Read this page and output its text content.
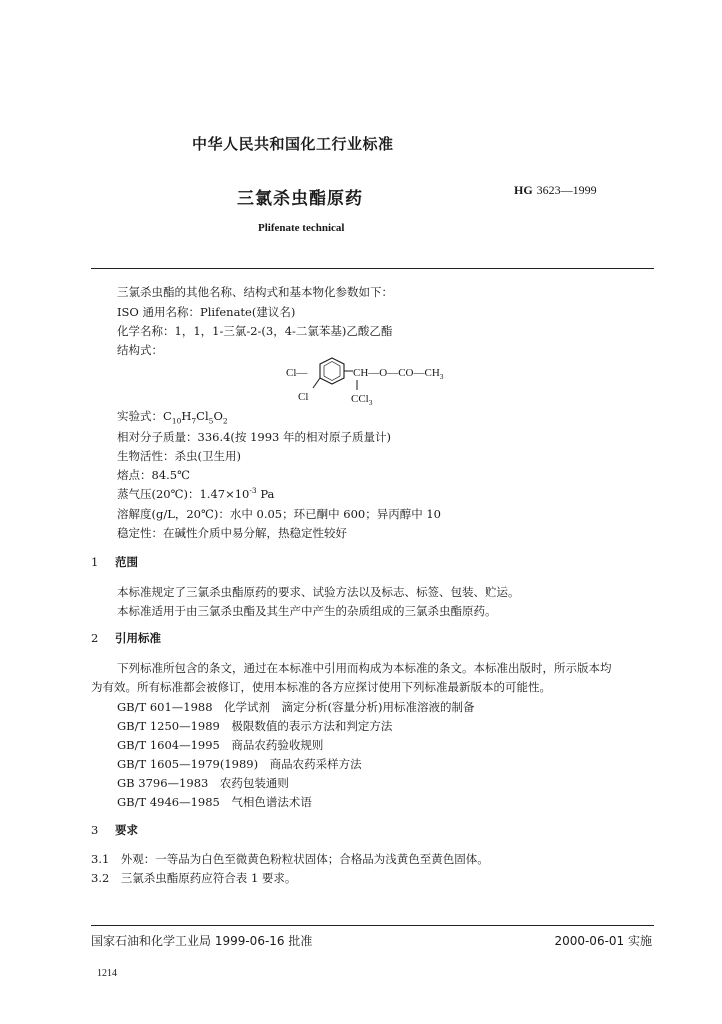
中华人民共和国化工行业标准
三氯杀虫酯原药	HG 3623—1999
Plifenate technical
三氯杀虫酯的其他名称、结构式和基本物化参数如下：
ISO 通用名称：Plifenate(建议名)
化学名称：1，1，1-三氯-2-(3，4-二氯苯基)乙酸乙酯
结构式：
Cl—
Cl
$CH—O—CO—CH_3$
CCl$_3$
实验式：$C_{10}H_7Cl_5O_2$
相对分子质量：336.4(按 1993 年的相对原子质量计)
生物活性：杀虫(卫生用)
熔点：84.5℃
蒸气压(20℃)：$1.47\times 10^{-3}$ Pa
溶解度(g/L，20℃)：水中 0.05；环已酮中 600；异丙醇中 10
稳定性：在碱性介质中易分解，热稳定性较好
1 范围
本标准规定了三氯杀虫酯原药的要求、试验方法以及标志、标签、包装、贮运。
本标准适用于由三氯杀虫酯及其生产中产生的杂质组成的三氯杀虫酯原药。
2 引用标准
下列标准所包含的条文，通过在本标准中引用而构成为本标准的条文。本标准出版时，所示版本均
为有效。所有标准都会被修订，使用本标准的各方应探讨使用下列标准最新版本的可能性。
GB/T 601—1988　化学试剂　滴定分析(容量分析)用标准溶液的制备
GB/T 1250—1989　极限数值的表示方法和判定方法
GB/T 1604—1995　商品农药验收规则
GB/T 1605—1979(1989)　商品农药采样方法
GB 3796—1983　农药包装通则
GB/T 4946—1985　气相色谱法术语
3 要求
3.1　外观：一等品为白色至微黄色粉粒状固体；合格品为浅黄色至黄色固体。
3.2　三氯杀虫酯原药应符合表 1 要求。
国家石油和化学工业局 1999-06-16 批准	2000-06-01 实施
1214
